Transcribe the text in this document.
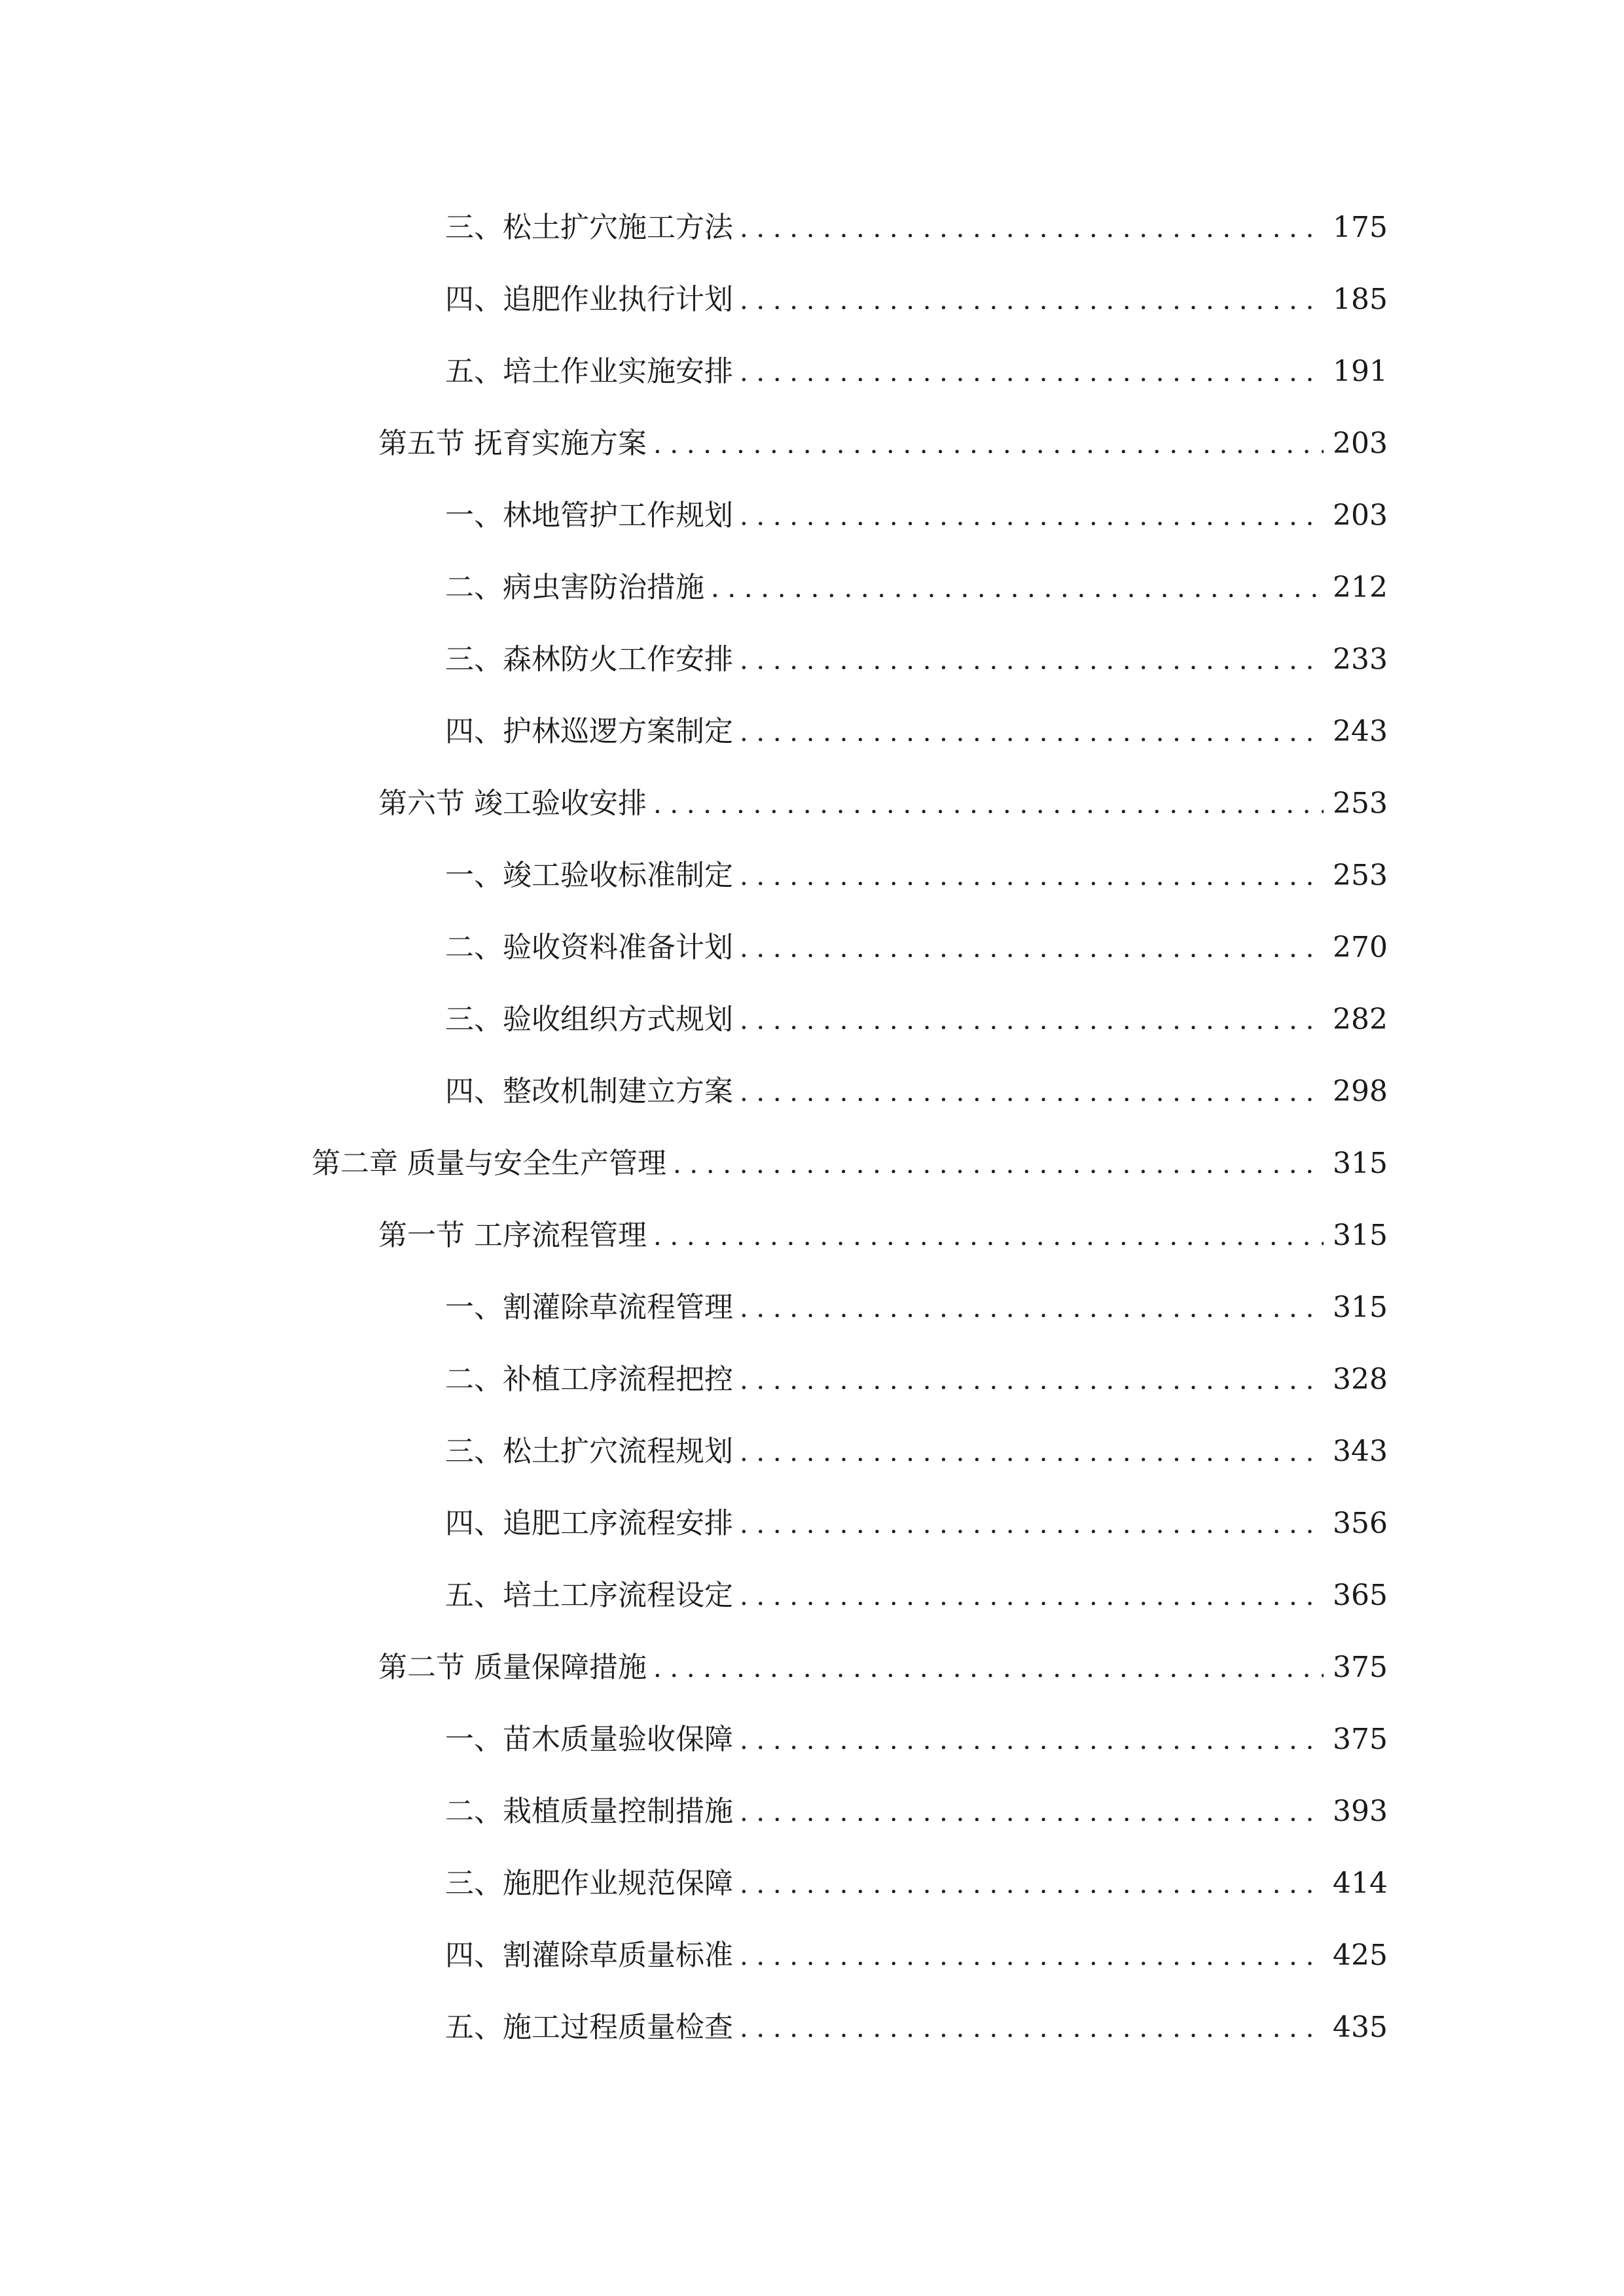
三、 松土扩穴施工方法 . . .	175
四、 追肥作业执行计划 . . .	185
五、 培土作业实施安排 . . .	191
第五节 抚育实施方案 . . .	203
一、 林地管护工作规划 . . .	203
二、 病虫害防治措施 . . .	212
三、 森林防火工作安排 . . .	233
四、 护林巡逻方案制定 . . .	243
第六节 竣工验收安排 . . .	253
一、 竣工验收标准制定 . . .	253
二、 验收资料准备计划 . . .	270
三、 验收组织方式规划 . . .	282
四、 整改机制建立方案 . . .	298
第二章 质量与安全生产管理 . . .	315
第一节 工序流程管理 . . .	315
一、 割灌除草流程管理 . . .	315
二、 补植工序流程把控 . . .	328
三、 松土扩穴流程规划 . . .	343
四、 追肥工序流程安排 . . .	356
五、 培土工序流程设定 . . .	365
第二节 质量保障措施 . . .	375
一、 苗木质量验收保障 . . .	375
二、 栽植质量控制措施 . . .	393
三、 施肥作业规范保障 . . .	414
四、 割灌除草质量标准 . . .	425
五、 施工过程质量检查 . . .	435
